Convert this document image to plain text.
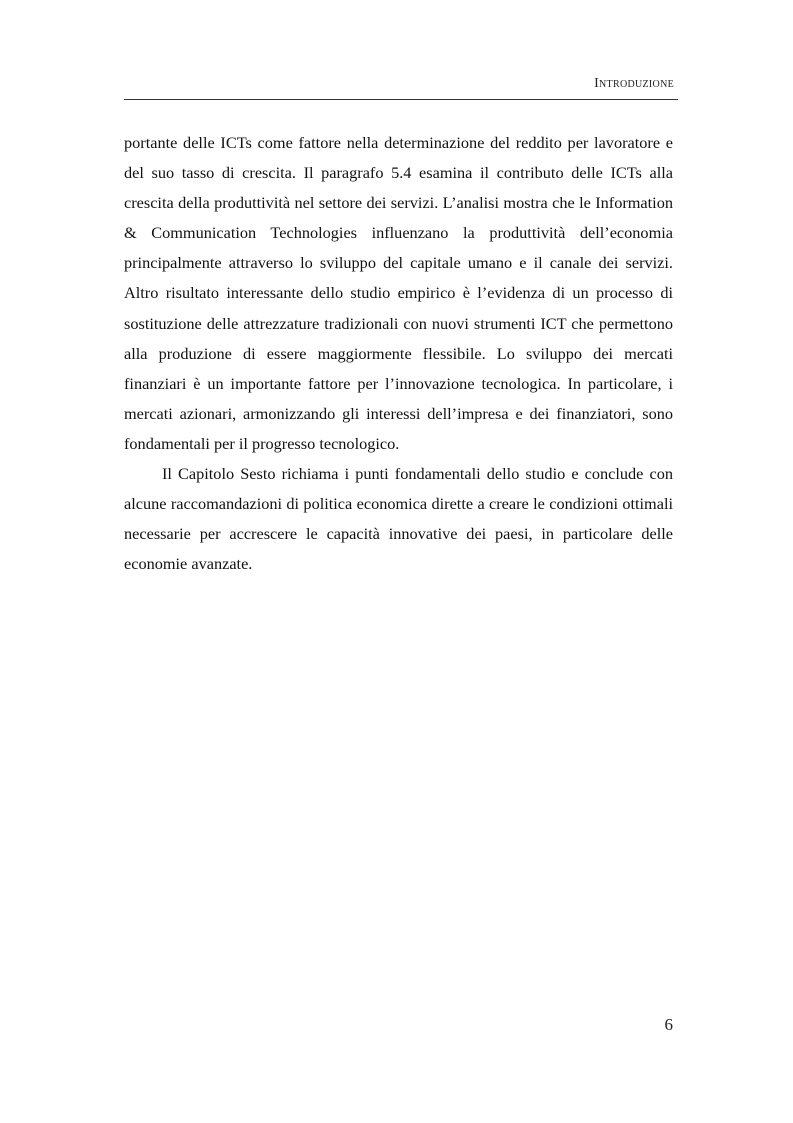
Introduzione

portante delle ICTs come fattore nella determinazione del reddito per lavoratore e del suo tasso di crescita. Il paragrafo 5.4 esamina il contributo delle ICTs alla crescita della produttività nel settore dei servizi. L’analisi mostra che le Information & Communication Technologies influenzano la produttività dell’economia principalmente attraverso lo sviluppo del capitale umano e il canale dei servizi. Altro risultato interessante dello studio empirico è l’evidenza di un processo di sostituzione delle attrezzature tradizionali con nuovi strumenti ICT che permettono alla produzione di essere maggiormente flessibile. Lo sviluppo dei mercati finanziari è un importante fattore per l’innovazione tecnologica. In particolare, i mercati azionari, armonizzando gli interessi dell’impresa e dei finanziatori, sono fondamentali per il progresso tecnologico.

Il Capitolo Sesto richiama i punti fondamentali dello studio e conclude con alcune raccomandazioni di politica economica dirette a creare le condizioni ottimali necessarie per accrescere le capacità innovative dei paesi, in particolare delle economie avanzate.

6
